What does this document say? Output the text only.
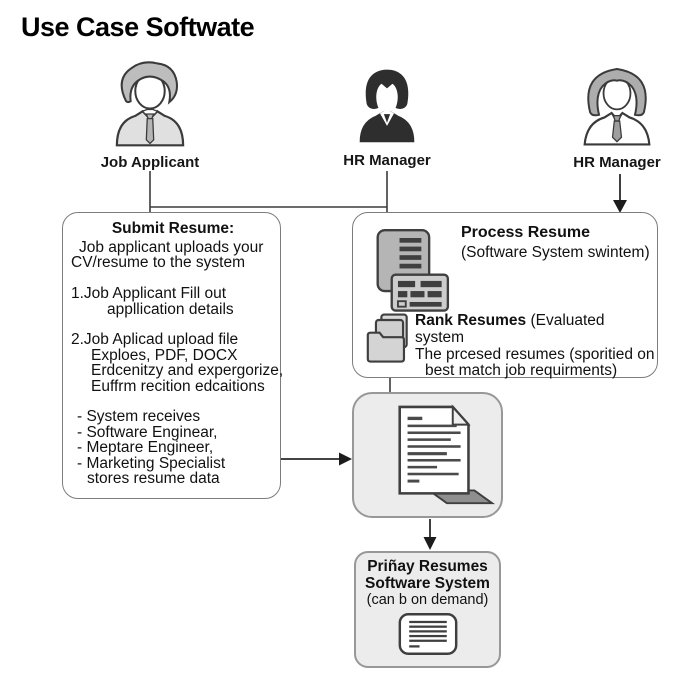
Use Case Softwate
Job Applicant	HR Manager	HR Manager
Submit Resume:
Job applicant uploads your
CV/resume to the system
1.Job Applicant Fill out
appllication details
2.Job Aplicad upload file
Exploes, PDF, DOCX
Erdcenitzy and expergorize,
Euffrm recition edcaitions
- System receives
- Software Enginear,
- Meptare Engineer,
- Marketing Specialist
stores resume data
Process Resume
(Software System swintem)
Rank Resumes (Evaluated system
The prcesed resumes (sporitied on
best match job requirments)
Priñay Resumes
Software System
(can b on demand)
